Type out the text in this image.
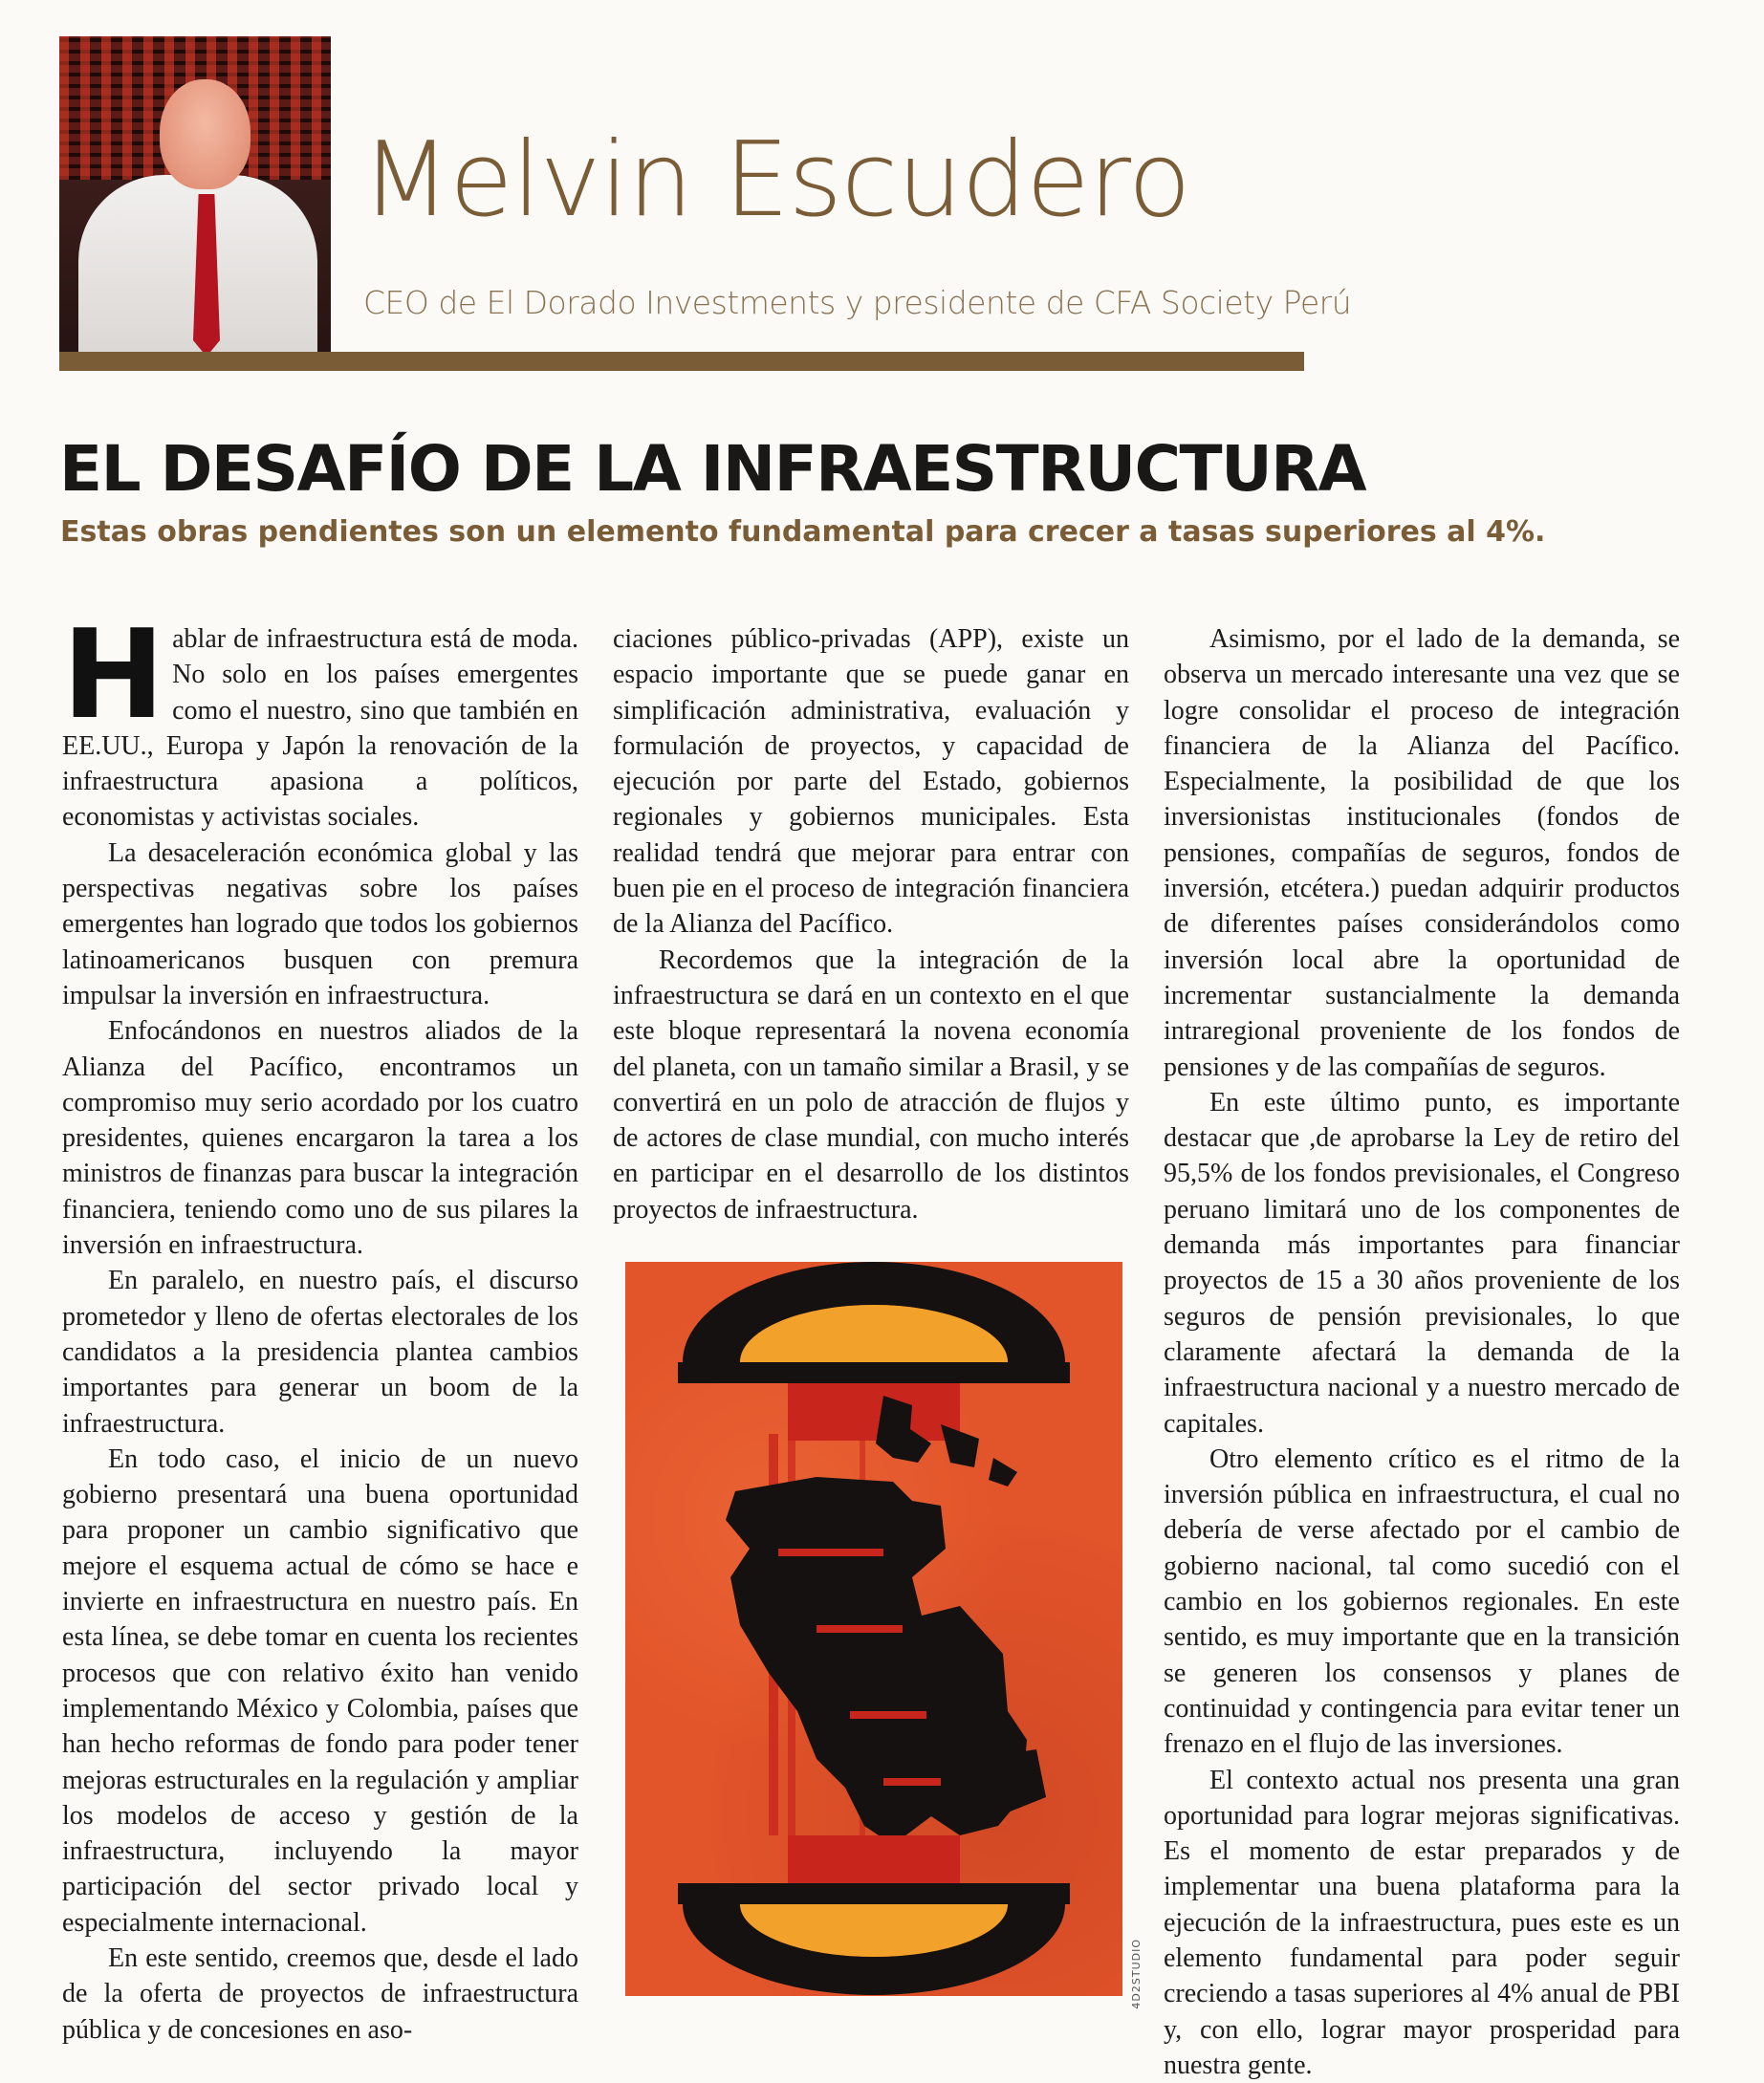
Melvin Escudero
CEO de El Dorado Investments y presidente de CFA Society Perú
EL DESAFÍO DE LA INFRAESTRUCTURA

Estas obras pendientes son un elemento fundamental para crecer a tasas superiores al 4%.

Hablar de infraestructura está de moda. No solo en los países emergentes como el nuestro, sino que también en EE.UU., Europa y Japón la renovación de la infraestructura apasiona a políticos, economistas y activistas sociales.

La desaceleración económica global y las perspectivas negativas sobre los países emergentes han logrado que todos los gobiernos latinoamericanos busquen con premura impulsar la inversión en infraestructura.

Enfocándonos en nuestros aliados de la Alianza del Pacífico, encontramos un compromiso muy serio acordado por los cuatro presidentes, quienes encargaron la tarea a los ministros de finanzas para buscar la integración financiera, teniendo como uno de sus pilares la inversión en infraestructura.

En paralelo, en nuestro país, el discurso prometedor y lleno de ofertas electorales de los candidatos a la presidencia plantea cambios importantes para generar un boom de la infraestructura.

En todo caso, el inicio de un nuevo gobierno presentará una buena oportunidad para proponer un cambio significativo que mejore el esquema actual de cómo se hace e invierte en infraestructura en nuestro país. En esta línea, se debe tomar en cuenta los recientes procesos que con relativo éxito han venido implementando México y Colombia, países que han hecho reformas de fondo para poder tener mejoras estructurales en la regulación y ampliar los modelos de acceso y gestión de la infraestructura, incluyendo la mayor participación del sector privado local y especialmente internacional.

En este sentido, creemos que, desde el lado de la oferta de proyectos de infraestructura pública y de concesiones en aso-

ciaciones público-privadas (APP), existe un espacio importante que se puede ganar en simplificación administrativa, evaluación y formulación de proyectos, y capacidad de ejecución por parte del Estado, gobiernos regionales y gobiernos municipales. Esta realidad tendrá que mejorar para entrar con buen pie en el proceso de integración financiera de la Alianza del Pacífico.

Recordemos que la integración de la infraestructura se dará en un contexto en el que este bloque representará la novena economía del planeta, con un tamaño similar a Brasil, y se convertirá en un polo de atracción de flujos y de actores de clase mundial, con mucho interés en participar en el desarrollo de los distintos proyectos de infraestructura.

4D2STUDIO

Asimismo, por el lado de la demanda, se observa un mercado interesante una vez que se logre consolidar el proceso de integración financiera de la Alianza del Pacífico. Especialmente, la posibilidad de que los inversionistas institucionales (fondos de pensiones, compañías de seguros, fondos de inversión, etcétera.) puedan adquirir productos de diferentes países considerándolos como inversión local abre la oportunidad de incrementar sustancialmente la demanda intraregional proveniente de los fondos de pensiones y de las compañías de seguros.

En este último punto, es importante destacar que ,de aprobarse la Ley de retiro del 95,5% de los fondos previsionales, el Congreso peruano limitará uno de los componentes de demanda más importantes para financiar proyectos de 15 a 30 años proveniente de los seguros de pensión previsionales, lo que claramente afectará la demanda de la infraestructura nacional y a nuestro mercado de capitales.

Otro elemento crítico es el ritmo de la inversión pública en infraestructura, el cual no debería de verse afectado por el cambio de gobierno nacional, tal como sucedió con el cambio en los gobiernos regionales. En este sentido, es muy importante que en la transición se generen los consensos y planes de continuidad y contingencia para evitar tener un frenazo en el flujo de las inversiones.

El contexto actual nos presenta una gran oportunidad para lograr mejoras significativas. Es el momento de estar preparados y de implementar una buena plataforma para la ejecución de la infraestructura, pues este es un elemento fundamental para poder seguir creciendo a tasas superiores al 4% anual de PBI y, con ello, lograr mayor prosperidad para nuestra gente.
